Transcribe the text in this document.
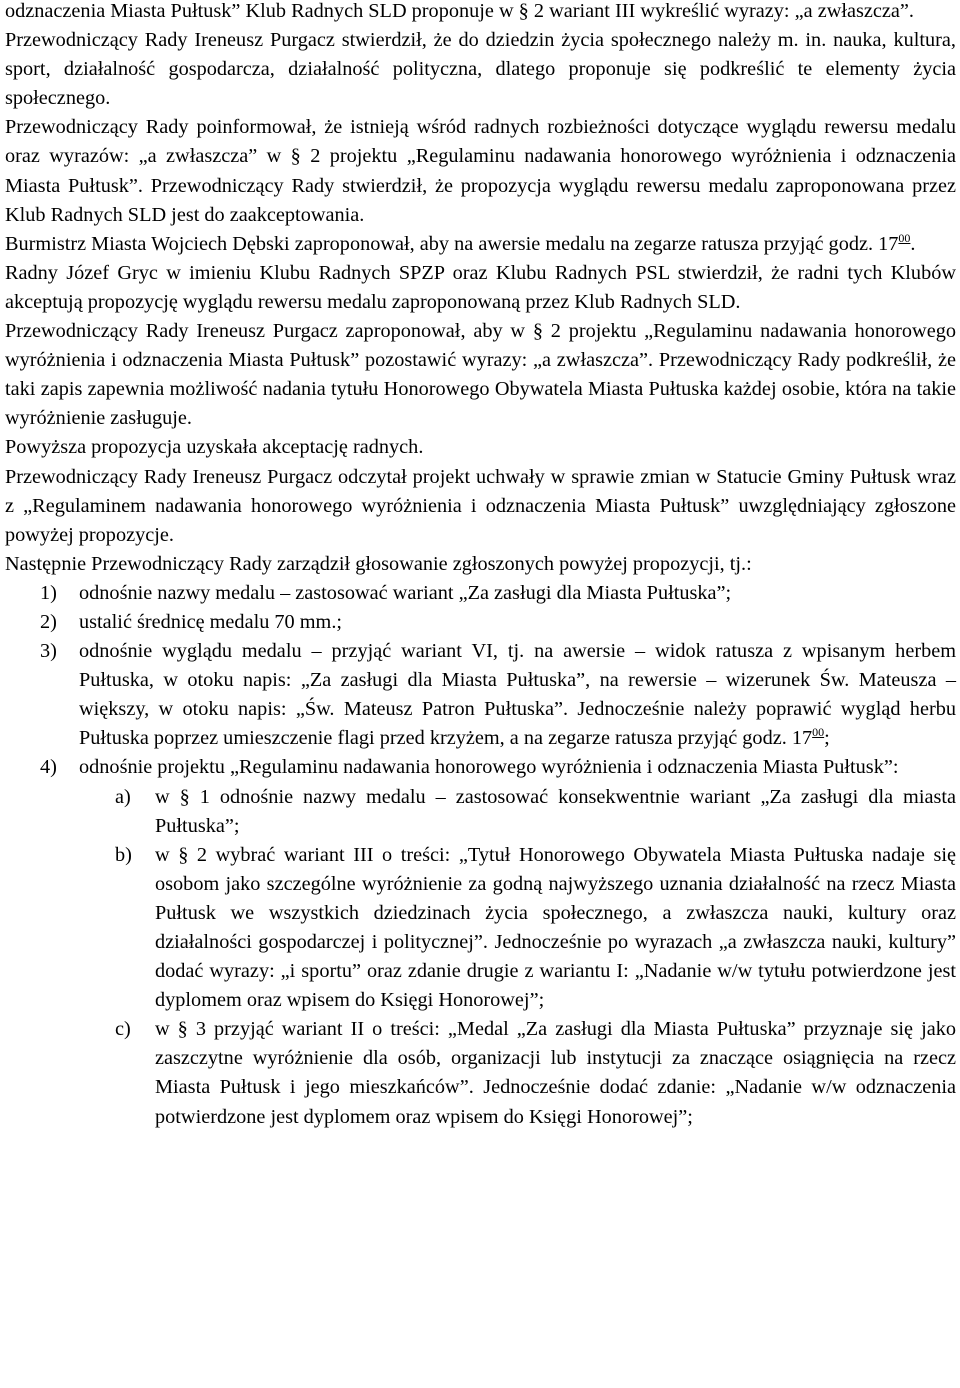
odznaczenia Miasta Pułtusk” Klub Radnych SLD proponuje w § 2 wariant III wykreślić wyrazy: „a zwłaszcza”.

Przewodniczący Rady Ireneusz Purgacz stwierdził, że do dziedzin życia społecznego należy m. in. nauka, kultura, sport, działalność gospodarcza, działalność polityczna, dlatego proponuje się podkreślić te elementy życia społecznego.

Przewodniczący Rady poinformował, że istnieją wśród radnych rozbieżności dotyczące wyglądu rewersu medalu oraz wyrazów: „a zwłaszcza” w § 2 projektu „Regulaminu nadawania honorowego wyróżnienia i odznaczenia Miasta Pułtusk”. Przewodniczący Rady stwierdził, że propozycja wyglądu rewersu medalu zaproponowana przez Klub Radnych SLD jest do zaakceptowania.

Burmistrz Miasta Wojciech Dębski zaproponował, aby na awersie medalu na zegarze ratusza przyjąć godz. $17^{00}$.

Radny Józef Gryc w imieniu Klubu Radnych SPZP oraz Klubu Radnych PSL stwierdził, że radni tych Klubów akceptują propozycję wyglądu rewersu medalu zaproponowaną przez Klub Radnych SLD.

Przewodniczący Rady Ireneusz Purgacz zaproponował, aby w § 2 projektu „Regulaminu nadawania honorowego wyróżnienia i odznaczenia Miasta Pułtusk” pozostawić wyrazy: „a zwłaszcza”. Przewodniczący Rady podkreślił, że taki zapis zapewnia możliwość nadania tytułu Honorowego Obywatela Miasta Pułtuska każdej osobie, która na takie wyróżnienie zasługuje.

Powyższa propozycja uzyskała akceptację radnych.

Przewodniczący Rady Ireneusz Purgacz odczytał projekt uchwały w sprawie zmian w Statucie Gminy Pułtusk wraz z „Regulaminem nadawania honorowego wyróżnienia i odznaczenia Miasta Pułtusk” uwzględniający zgłoszone powyżej propozycje.

Następnie Przewodniczący Rady zarządził głosowanie zgłoszonych powyżej propozycji, tj.:

1)	odnośnie nazwy medalu – zastosować wariant „Za zasługi dla Miasta Pułtuska”;
2)	ustalić średnicę medalu 70 mm.;
3)	odnośnie wyglądu medalu – przyjąć wariant VI, tj. na awersie – widok ratusza z wpisanym herbem Pułtuska, w otoku napis: „Za zasługi dla Miasta Pułtuska”, na rewersie – wizerunek Św. Mateusza – większy, w otoku napis: „Św. Mateusz Patron Pułtuska”. Jednocześnie należy poprawić wygląd herbu Pułtuska poprzez umieszczenie flagi przed krzyżem, a na zegarze ratusza przyjąć godz. $17^{00}$;
4)	odnośnie projektu „Regulaminu nadawania honorowego wyróżnienia i odznaczenia Miasta Pułtusk”:
a)	w § 1 odnośnie nazwy medalu – zastosować konsekwentnie wariant „Za zasługi dla miasta Pułtuska”;
b)	w § 2 wybrać wariant III o treści: „Tytuł Honorowego Obywatela Miasta Pułtuska nadaje się osobom jako szczególne wyróżnienie za godną najwyższego uznania działalność na rzecz Miasta Pułtusk we wszystkich dziedzinach życia społecznego, a zwłaszcza nauki, kultury oraz działalności gospodarczej i politycznej”. Jednocześnie po wyrazach „a zwłaszcza nauki, kultury” dodać wyrazy: „i sportu” oraz zdanie drugie z wariantu I: „Nadanie w/w tytułu potwierdzone jest dyplomem oraz wpisem do Księgi Honorowej”;
c)	w § 3 przyjąć wariant II o treści: „Medal „Za zasługi dla Miasta Pułtuska” przyznaje się jako zaszczytne wyróżnienie dla osób, organizacji lub instytucji za znaczące osiągnięcia na rzecz Miasta Pułtusk i jego mieszkańców”. Jednocześnie dodać zdanie: „Nadanie w/w odznaczenia potwierdzone jest dyplomem oraz wpisem do Księgi Honorowej”;
